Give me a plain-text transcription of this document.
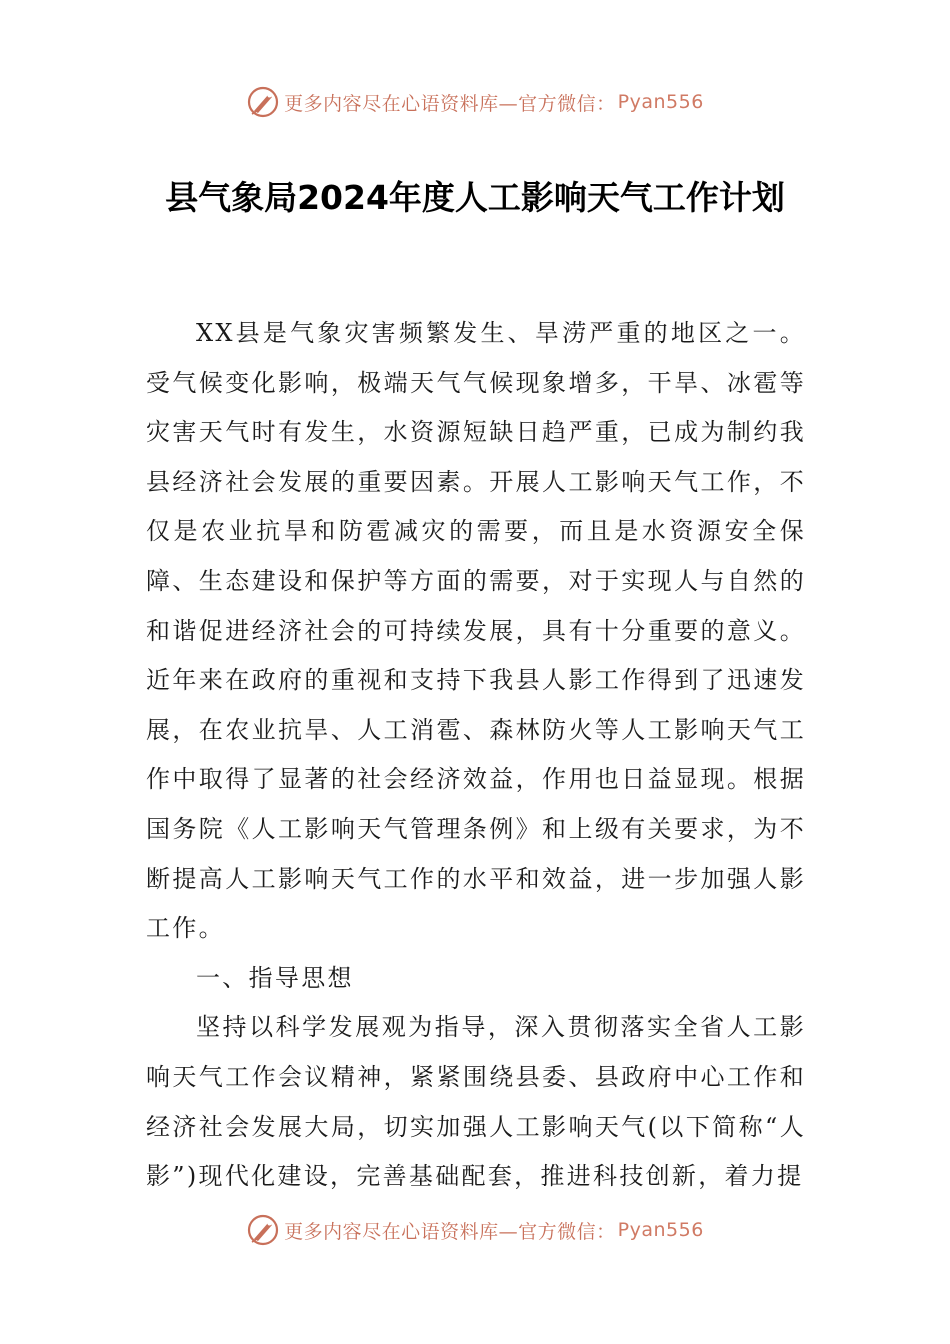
更多内容尽在心语资料库—官方微信： Pyan556
县气象局2024年度人工影响天气工作计划

XX县是气象灾害频繁发生、旱涝严重的地区之一。受气候变化影响，极端天气气候现象增多，干旱、冰雹等灾害天气时有发生，水资源短缺日趋严重，已成为制约我县经济社会发展的重要因素。开展人工影响天气工作，不仅是农业抗旱和防雹减灾的需要，而且是水资源安全保障、生态建设和保护等方面的需要，对于实现人与自然的和谐促进经济社会的可持续发展，具有十分重要的意义。近年来在政府的重视和支持下我县人影工作得到了迅速发展，在农业抗旱、人工消雹、森林防火等人工影响天气工作中取得了显著的社会经济效益，作用也日益显现。根据国务院《人工影响天气管理条例》和上级有关要求，为不断提高人工影响天气工作的水平和效益，进一步加强人影工作。

一、指导思想

坚持以科学发展观为指导，深入贯彻落实全省人工影响天气工作会议精神，紧紧围绕县委、县政府中心工作和经济社会发展大局，切实加强人工影响天气(以下简称“人影”)现代化建设，完善基础配套，推进科技创新，着力提

更多内容尽在心语资料库—官方微信： Pyan556
